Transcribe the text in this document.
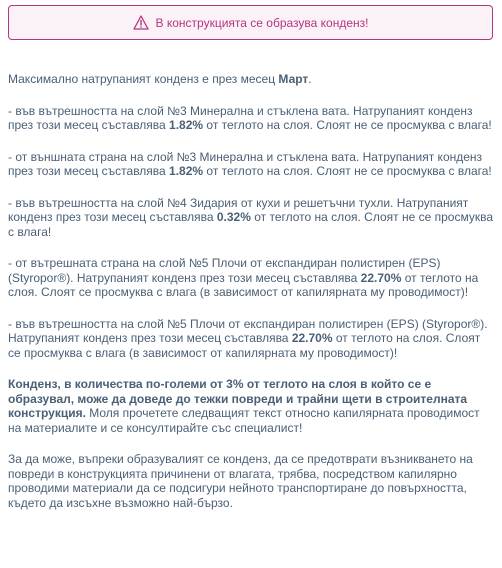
В конструкцията се образува конденз!

Максимално натрупаният конденз е през месец Март.

- във вътрешността на слой №3 Минерална и стъклена вата. Натрупаният конденз през този месец съставлява 1.82% от теглото на слоя. Слоят не се просмуква с влага!

- от външната страна на слой №3 Минерална и стъклена вата. Натрупаният конденз през този месец съставлява 1.82% от теглото на слоя. Слоят не се просмуква с влага!

- във вътрешността на слой №4 Зидария от кухи и решетъчни тухли. Натрупаният конденз през този месец съставлява 0.32% от теглото на слоя. Слоят не се просмуква с влага!

- от вътрешната страна на слой №5 Плочи от експандиран полистирен (EPS) (Styropor®). Натрупаният конденз през този месец съставлява 22.70% от теглото на слоя. Слоят се просмуква с влага (в зависимост от капилярната му проводимост)!

- във вътрешността на слой №5 Плочи от експандиран полистирен (EPS) (Styropor®). Натрупаният конденз през този месец съставлява 22.70% от теглото на слоя. Слоят се просмуква с влага (в зависимост от капилярната му проводимост)!

Конденз, в количества по-големи от 3% от теглото на слоя в който се е образувал, може да доведе до тежки повреди и трайни щети в строителната конструкция. Моля прочетете следващият текст относно капилярната проводимост на материалите и се консултирайте със специалист!

За да може, въпреки образувалият се конденз, да се предотврати възникването на повреди в конструкцията причинени от влагата, трябва, посредством капилярно проводими материали да се подсигури нейното транспортиране до повърхността, където да изсъхне възможно най-бързо.
